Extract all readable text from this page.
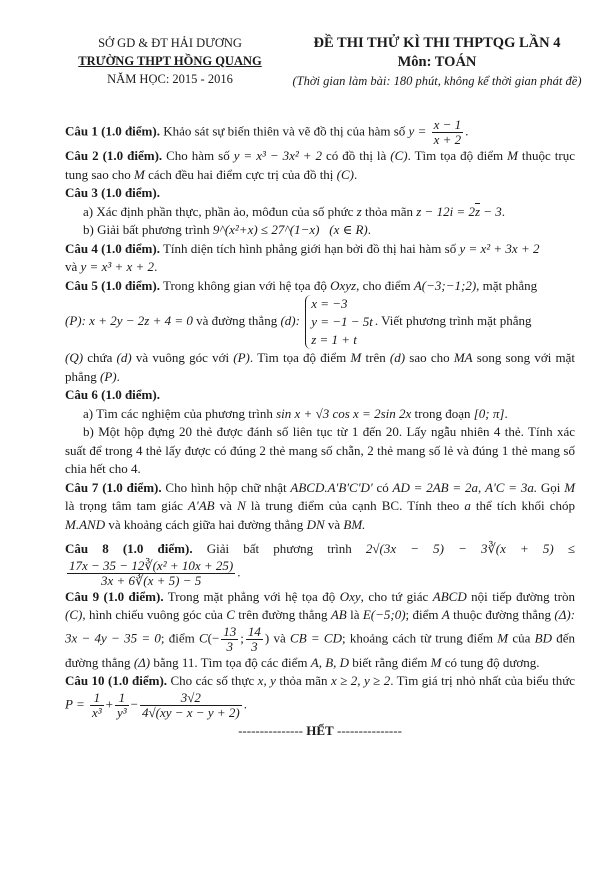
SỞ GD & ĐT HẢI DƯƠNG
TRƯỜNG THPT HỒNG QUANG
NĂM HỌC: 2015 - 2016
ĐỀ THI THỬ KÌ THI THPTQG LẦN 4
Môn: TOÁN
(Thời gian làm bài: 180 phút, không kể thời gian phát đề)

Câu 1 (1.0 điểm). Khảo sát sự biến thiên và vẽ đồ thị của hàm số $y = \frac{x - 1}{x + 2}$ .

Câu 2 (1.0 điểm). Cho hàm số y = x³ − 3x² + 2 có đồ thị là (C). Tìm tọa độ điểm M thuộc trục tung sao cho M cách đều hai điểm cực trị của đồ thị (C).

Câu 3 (1.0 điểm).

a) Xác định phần thực, phần ảo, môđun của số phức z thỏa mãn $z - 12i = 2\overline{z} - 3$.

b) Giải bất phương trình 9^(x²+x) ≤ 27^(1−x) (x ∈ R).

Câu 4 (1.0 điểm). Tính diện tích hình phẳng giới hạn bởi đồ thị hai hàm số y = x² + 3x + 2
và y = x³ + x + 2.

Câu 5 (1.0 điểm). Trong không gian với hệ tọa độ Oxyz, cho điểm A(−3;−1;2), mặt phẳng
(P): x + 2y − 2z + 4 = 0 và đường thẳng (d): x = −3
y = −1 − 5t
z = 1 + t. Viết phương trình mặt phẳng
(Q) chứa (d) và vuông góc với (P). Tìm tọa độ điểm M trên (d) sao cho MA song song với mặt phẳng (P).

Câu 6 (1.0 điểm).

a) Tìm các nghiệm của phương trình sin x + √3 cos x = 2sin 2x trong đoạn [0; π].

b) Một hộp đựng 20 thẻ được đánh số liên tục từ 1 đến 20. Lấy ngẫu nhiên 4 thẻ. Tính xác suất để trong 4 thẻ lấy được có đúng 2 thẻ mang số chẵn, 2 thẻ mang số lẻ và đúng 1 thẻ mang số chia hết cho 4.

Câu 7 (1.0 điểm). Cho hình hộp chữ nhật ABCD.A'B'C'D' có AD = 2AB = 2a, A'C = 3a. Gọi M là trọng tâm tam giác A'AB và N là trung điểm của cạnh BC. Tính theo a thể tích khối chóp M.AND và khoảng cách giữa hai đường thẳng DN và BM.

Câu 8 (1.0 điểm). Giải bất phương trình 2√(3x − 5) − 3∛(x + 5) ≤
$\frac{\text{17x − 35 − 12∛(x² + 10x + 25)}}{3x + 6∛(x + 5) - 5}$ .

Câu 9 (1.0 điểm). Trong mặt phẳng với hệ tọa độ Oxy, cho tứ giác ABCD nội tiếp đường tròn (C), hình chiếu vuông góc của C trên đường thẳng AB là E(−5;0); điểm A thuộc đường thẳng (Δ): 3x − 4y − 35 = 0; điểm $C(- \frac{13}{3}$ ; $\frac{14}{3}$ ) và CB = CD; khoảng cách từ trung điểm M của BD đến đường thẳng (Δ) bằng 11. Tìm tọa độ các điểm A, B, D biết rằng điểm M có tung độ dương.

Câu 10 (1.0 điểm). Cho các số thực x, y thỏa mãn x ≥ 2, y ≥ 2. Tìm giá trị nhỏ nhất của biểu thức $P = \frac{1}{\text{x³}} + \frac{1}{\text{y³}} - \frac{3√2}{4√(xy - x - y + 2)}$ .

--------------- HẾT ---------------
